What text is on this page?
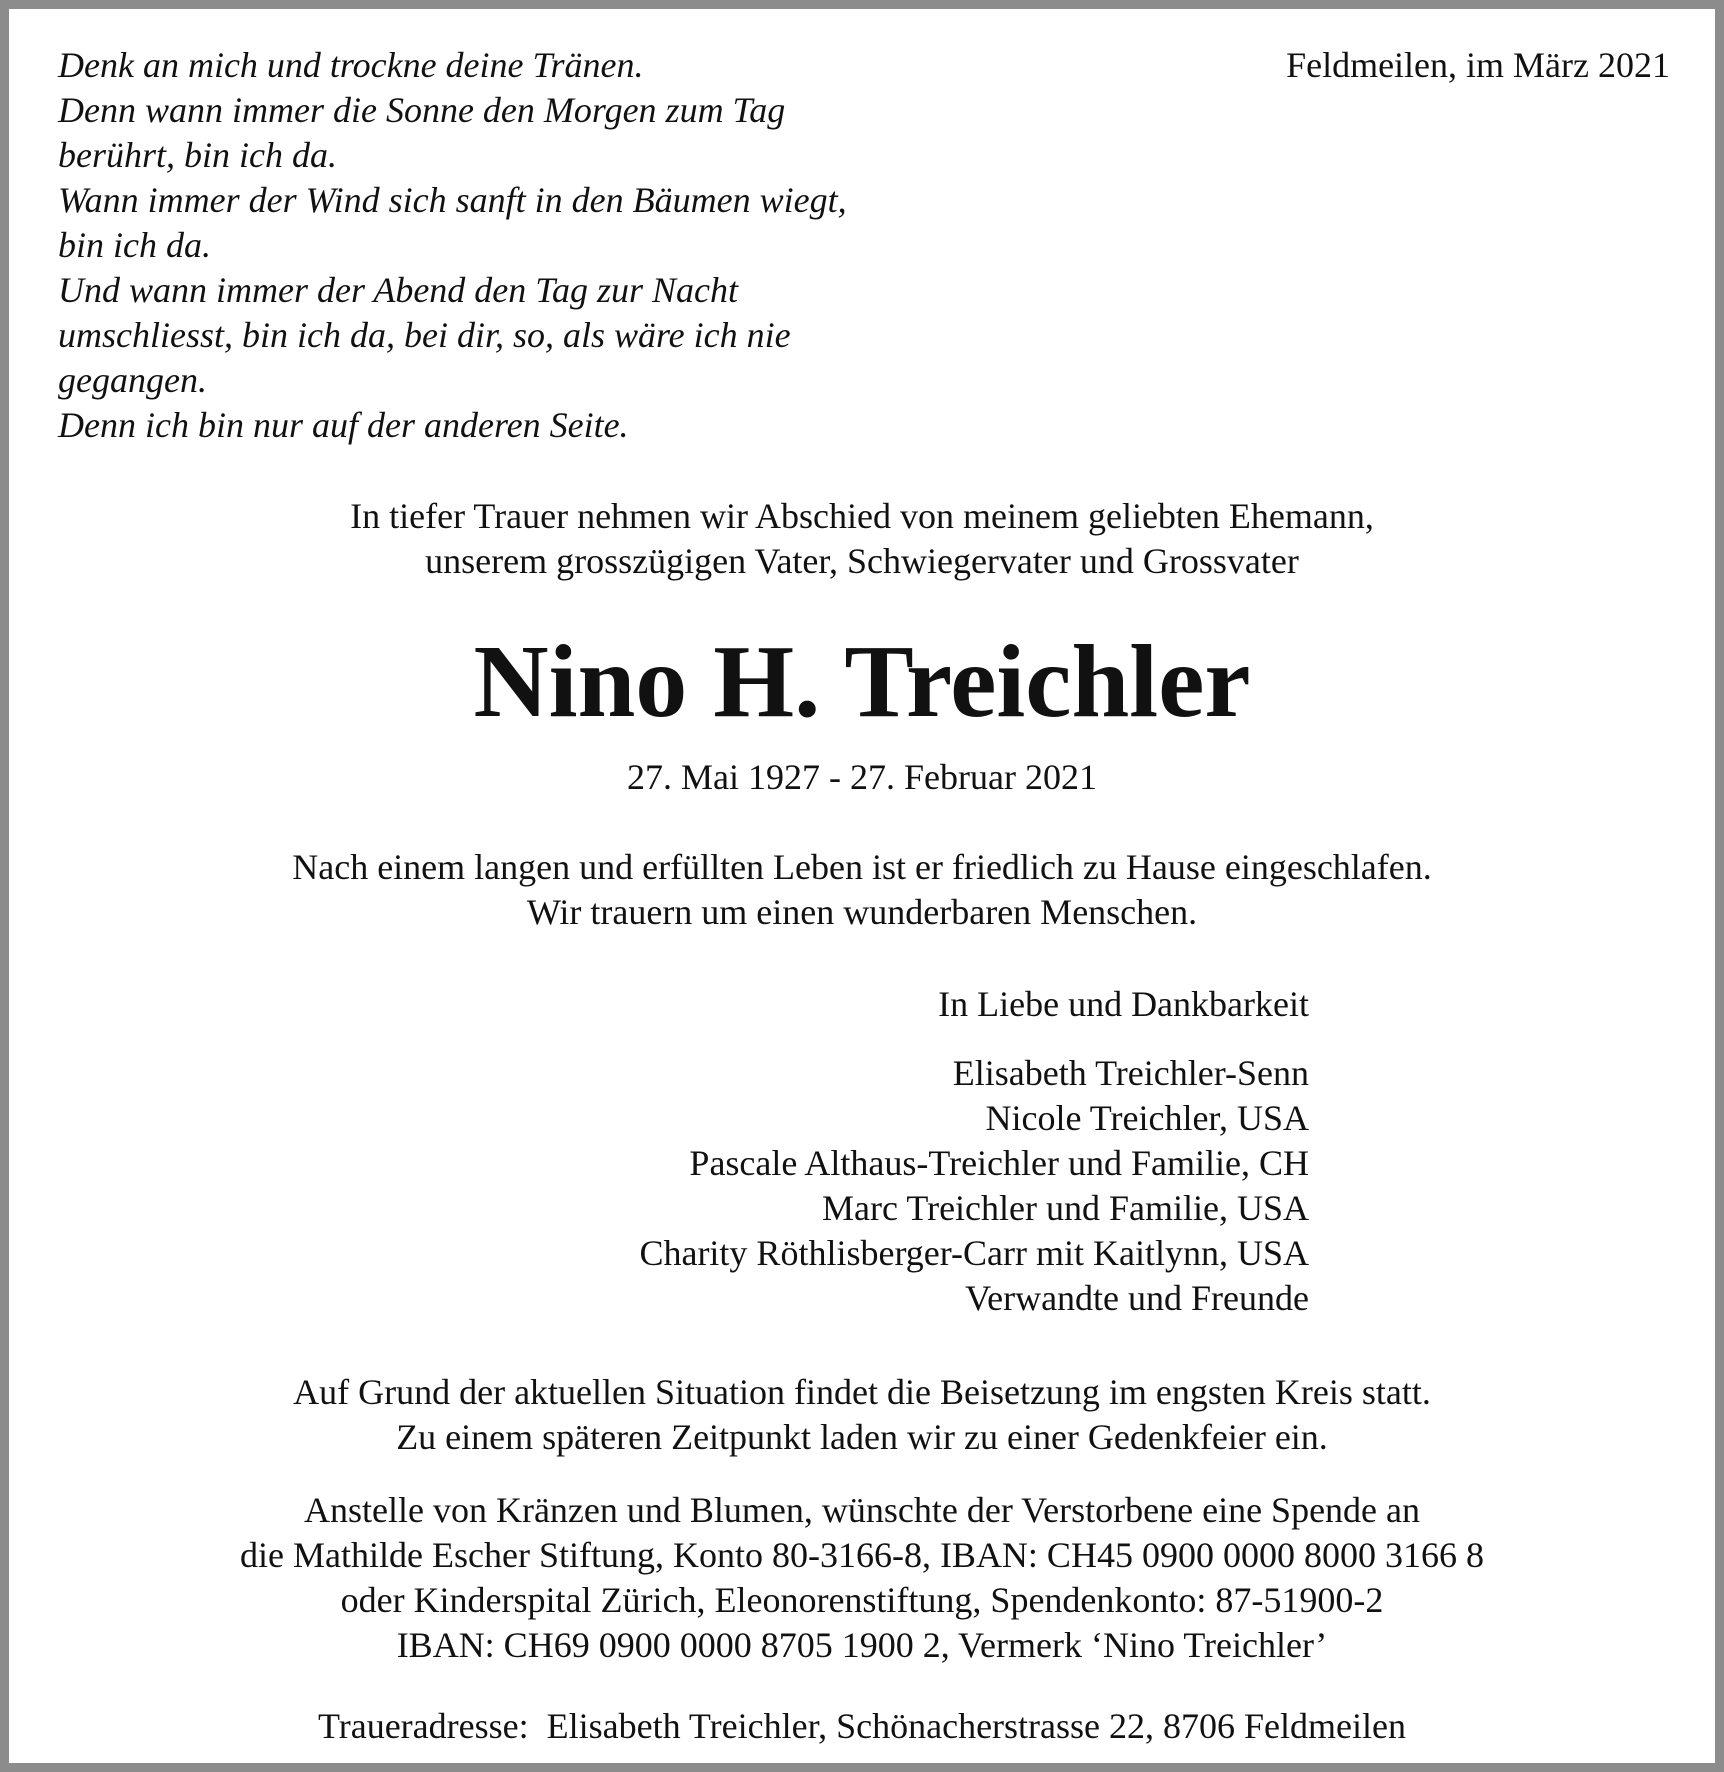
Denk an mich und trockne deine Tränen.
Denn wann immer die Sonne den Morgen zum Tag
berührt, bin ich da.
Wann immer der Wind sich sanft in den Bäumen wiegt,
bin ich da.
Und wann immer der Abend den Tag zur Nacht
umschliesst, bin ich da, bei dir, so, als wäre ich nie
gegangen.
Denn ich bin nur auf der anderen Seite.
Feldmeilen, im März 2021
In tiefer Trauer nehmen wir Abschied von meinem geliebten Ehemann,
unserem grosszügigen Vater, Schwiegervater und Grossvater
Nino H. Treichler
27. Mai 1927 - 27. Februar 2021
Nach einem langen und erfüllten Leben ist er friedlich zu Hause eingeschlafen.
Wir trauern um einen wunderbaren Menschen.
In Liebe und Dankbarkeit
Elisabeth Treichler-Senn
Nicole Treichler, USA
Pascale Althaus-Treichler und Familie, CH
Marc Treichler und Familie, USA
Charity Röthlisberger-Carr mit Kaitlynn, USA
Verwandte und Freunde
Auf Grund der aktuellen Situation findet die Beisetzung im engsten Kreis statt.
Zu einem späteren Zeitpunkt laden wir zu einer Gedenkfeier ein.
Anstelle von Kränzen und Blumen, wünschte der Verstorbene eine Spende an
die Mathilde Escher Stiftung, Konto 80-3166-8, IBAN: CH45 0900 0000 8000 3166 8
oder Kinderspital Zürich, Eleonorenstiftung, Spendenkonto: 87-51900-2
IBAN: CH69 0900 0000 8705 1900 2, Vermerk ‘Nino Treichler’
Traueradresse:  Elisabeth Treichler, Schönacherstrasse 22, 8706 Feldmeilen
